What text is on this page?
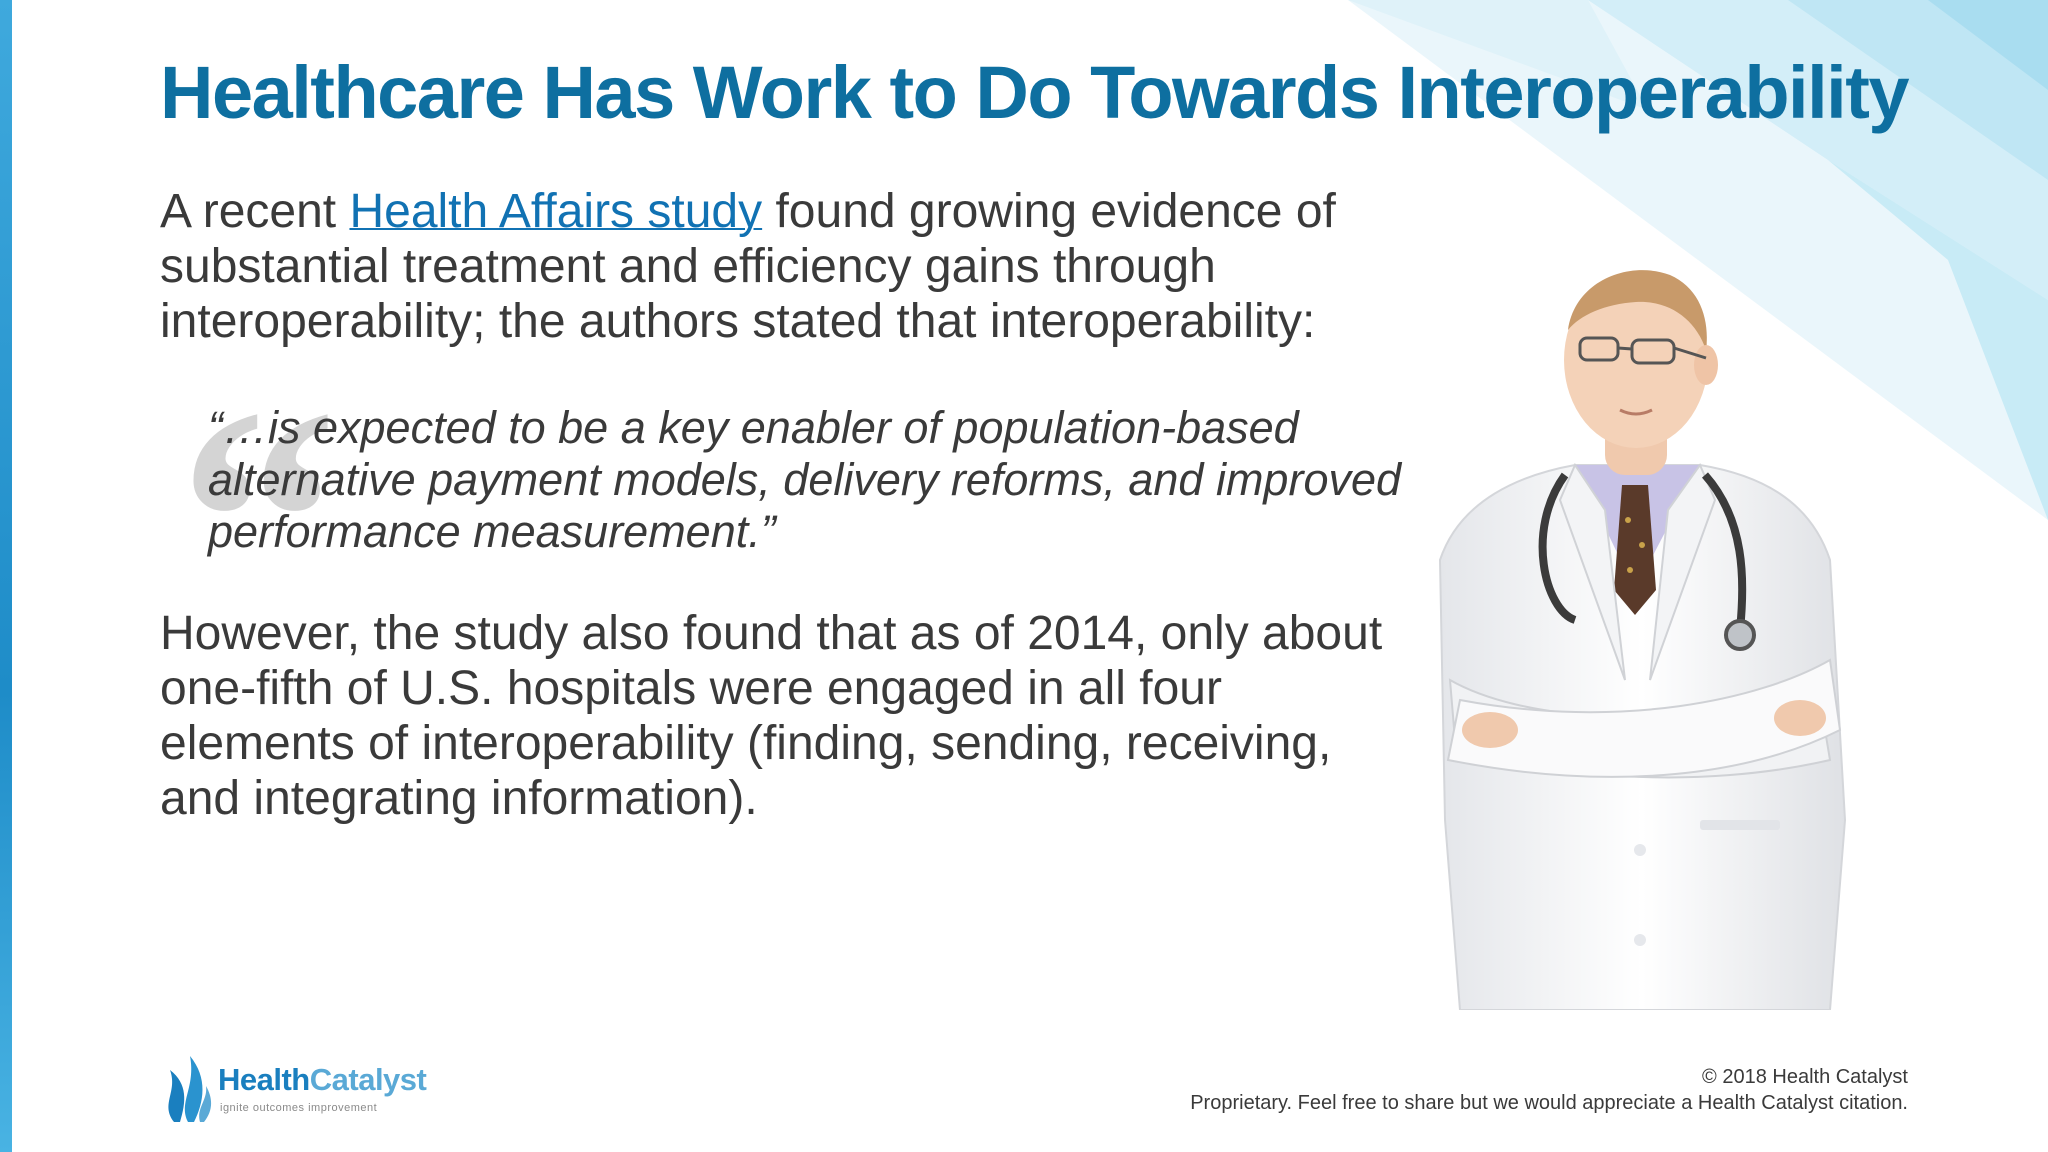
Healthcare Has Work to Do Towards Interoperability

A recent Health Affairs study found growing evidence of substantial treatment and efficiency gains through interoperability; the authors stated that interoperability:

“

“…is expected to be a key enabler of population-based alternative payment models, delivery reforms, and improved performance measurement.”

However, the study also found that as of 2014, only about one-fifth of U.S. hospitals were engaged in all four elements of interoperability (finding, sending, receiving, and integrating information).

HealthCatalyst
ignite outcomes improvement
© 2018 Health Catalyst
Proprietary. Feel free to share but we would appreciate a Health Catalyst citation.
